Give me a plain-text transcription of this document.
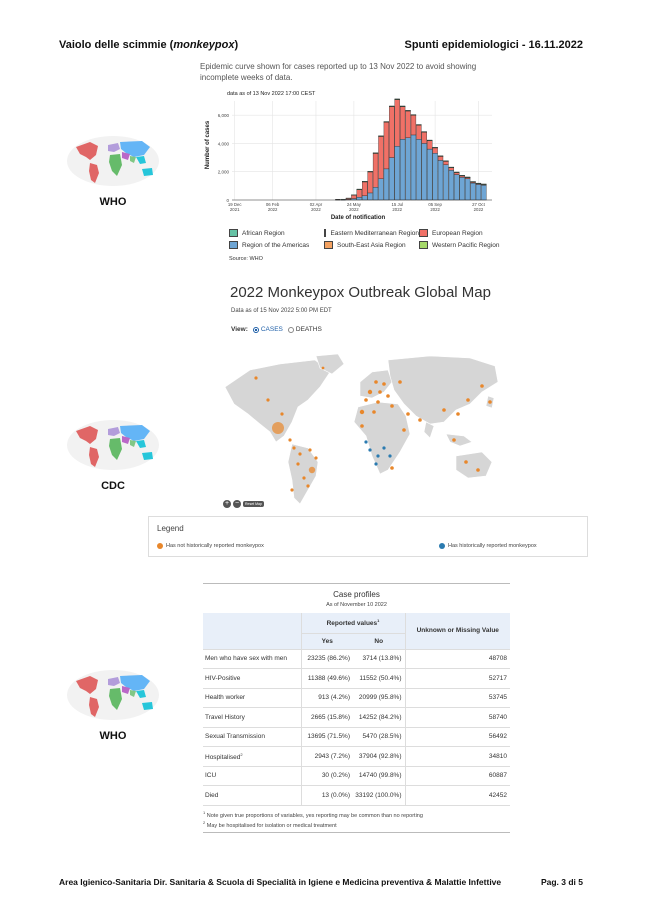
Vaiolo delle scimmie (monkeypox)	Spunti epidemiologici - 16.11.2022
WHO
CDC
WHO
Epidemic curve shown for cases reported up to 13 Nov 2022 to avoid showing incomplete weeks of data.
data as of 13 Nov 2022 17:00 CEST
0
2,000
4,000
6,000
19 Dec 2021
06 Feb 2022
02 Apr 2022
24 May 2022
15 Jul 2022
05 Sep 2022
27 Oct 2022
Number of cases
Date of notification
African Region	Eastern Mediterranean Region European Region
Region of the Americas	South-East Asia Region	Western Pacific Region
Source: WHO
2022 Monkeypox Outbreak Global Map
Data as of 15 Nov 2022 5:00 PM EDT
View: CASES DEATHS
+ −	Reset Map
Legend
Has not historically reported monkeypox	Has historically reported monkeypox
Case profiles
As of November 10 2022
	Reported values$^1$		Unknown or Missing Value
	Yes	No	
Men who have sex with men	23235 (86.2%)	3714 (13.8%)	48708
HIV-Positive	11388 (49.6%)	11552 (50.4%)	52717
Health worker	913 (4.2%)	20999 (95.8%)	53745
Travel History	2665 (15.8%)	14252 (84.2%)	58740
Sexual Transmission	13695 (71.5%)	5470 (28.5%)	56492
Hospitalised$^2$	2943 (7.2%)	37904 (92.8%)	34810
ICU	30 (0.2%)	14740 (99.8%)	60887
Died	13 (0.0%)	33192 (100.0%)	42452
$^1$ Note given true proportions of variables, yes reporting may be common than no reporting
$^2$ May be hospitalised for isolation or medical treatment
Area Igienico-Sanitaria Dir. Sanitaria & Scuola di Specialità in Igiene e Medicina preventiva & Malattie Infettive	Pag. 3 di 5
